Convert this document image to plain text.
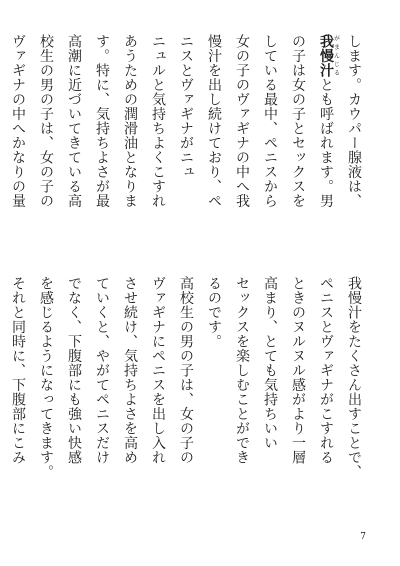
します。カウパー腺液は、
我慢汁がまんじるとも呼ばれます。男
の子は女の子とセックスを
している最中、ペニスから
女の子のヴァギナの中へ我
慢汁を出し続けており、ペ
ニスとヴァギナがニュ
ニュルと気持ちよくこすれ
あうための潤滑油となりま
す。特に、気持ちよさが最
高潮に近づいてきている高
校生の男の子は、女の子の
ヴァギナの中へかなりの量
我慢汁をたくさん出すことで、
ペニスとヴァギナがこすれる
ときのヌルヌル感がより一層
高まり、とても気持ちいい
セックスを楽しむことができ
るのです。
高校生の男の子は、女の子の
ヴァギナにペニスを出し入れ
させ続け、気持ちよさを高め
ていくと、やがてペニスだけ
でなく、下腹部にも強い快感
を感じるようになってきます。
それと同時に、下腹部にこみ
7
